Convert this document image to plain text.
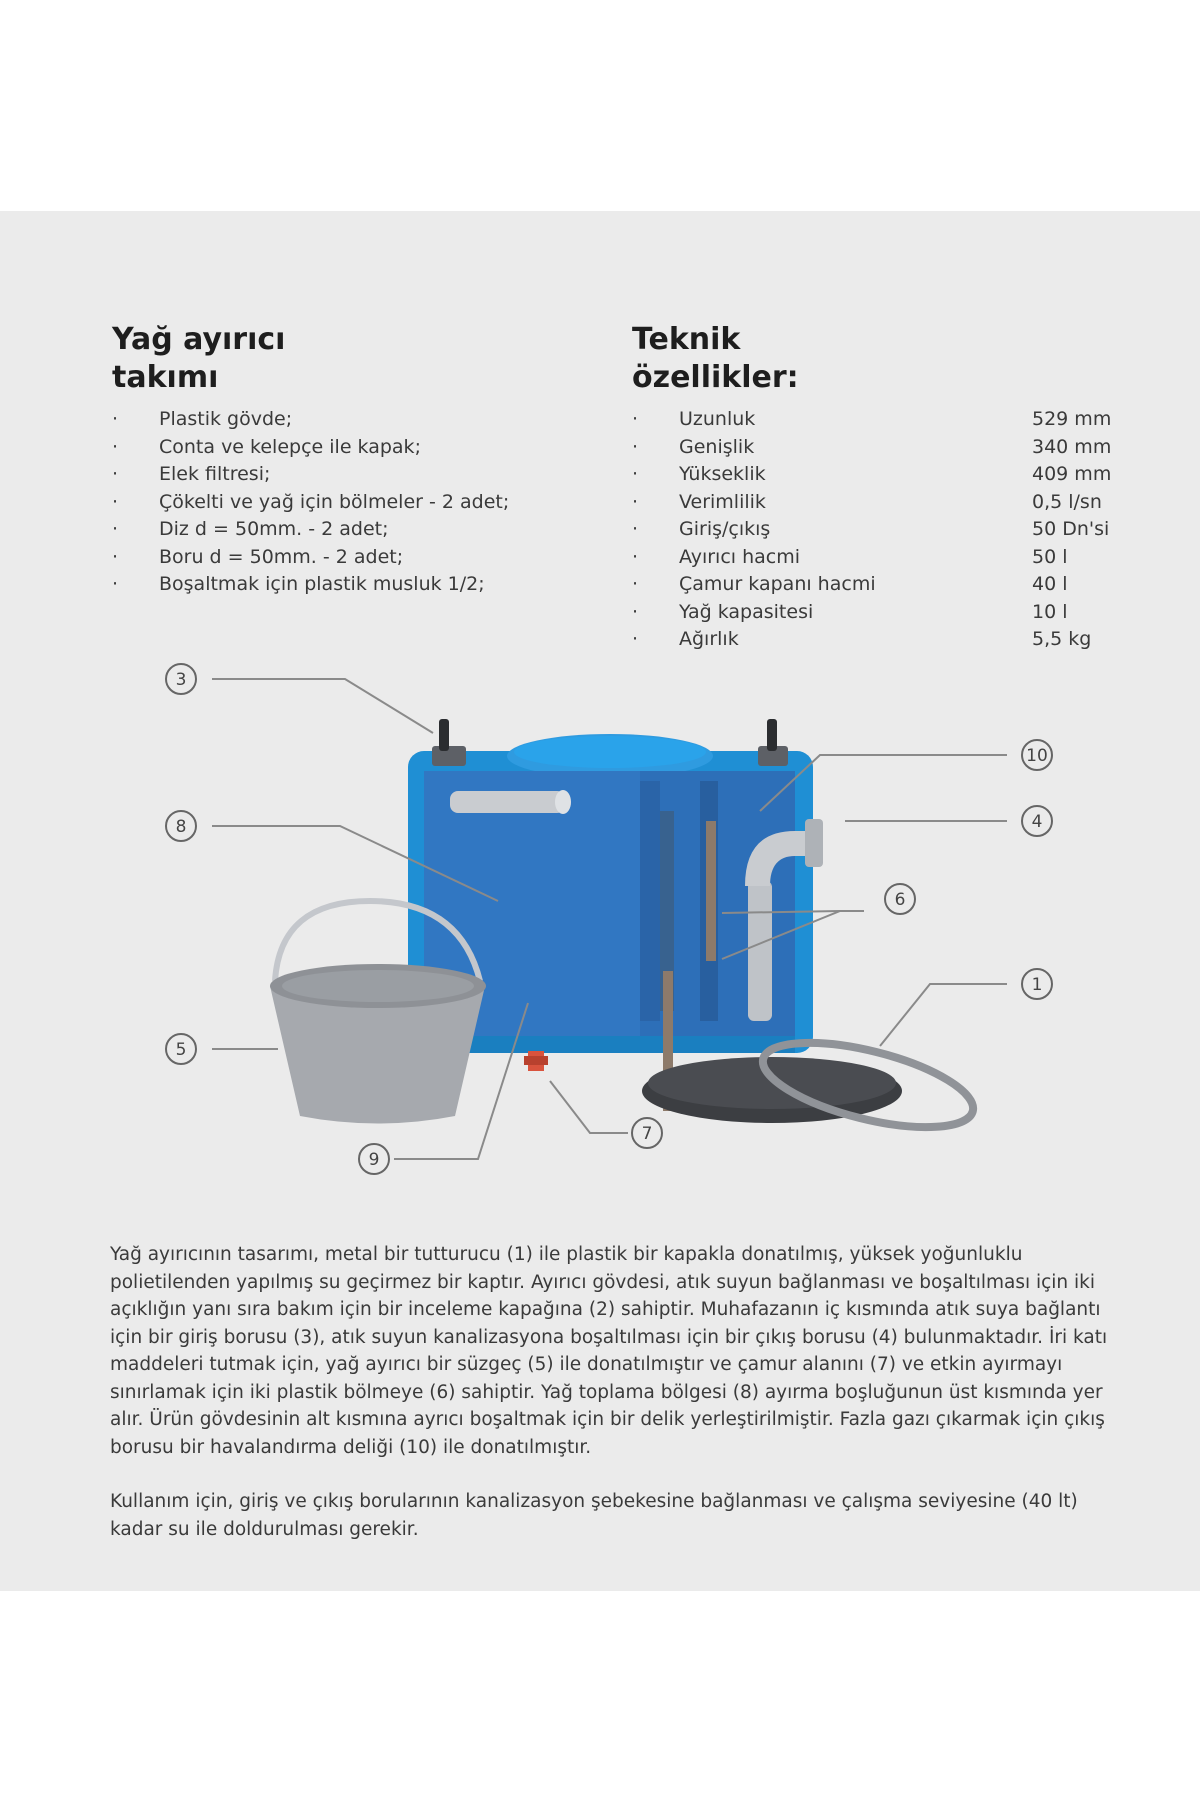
Yağ ayırıcı
takımı
Teknik
özellikler:
· Plastik gövde;
· Conta ve kelepçe ile kapak;
· Elek filtresi;
· Çökelti ve yağ için bölmeler - 2 adet;
· Diz d = 50mm. - 2 adet;
· Boru d = 50mm. - 2 adet;
· Boşaltmak için plastik musluk 1/2;
· Uzunluk	529 mm
· Genişlik	340 mm
· Yükseklik	409 mm
· Verimlilik	0,5 l/sn
· Giriş/çıkış	50 Dn'si
· Ayırıcı hacmi	50 l
· Çamur kapanı hacmi	40 l
· Yağ kapasitesi	10 l
· Ağırlık	5,5 kg
3
8
10
4
6
1
5
7
9

Yağ ayırıcının tasarımı, metal bir tutturucu (1) ile plastik bir kapakla donatılmış, yüksek yoğunluklu polietilenden yapılmış su geçirmez bir kaptır. Ayırıcı gövdesi, atık suyun bağlanması ve boşaltılması için iki açıklığın yanı sıra bakım için bir inceleme kapağına (2) sahiptir. Muhafazanın iç kısmında atık suya bağlantı için bir giriş borusu (3), atık suyun kanalizasyona boşaltılması için bir çıkış borusu (4) bulunmaktadır. İri katı maddeleri tutmak için, yağ ayırıcı bir süzgeç (5) ile donatılmıştır ve çamur alanını (7) ve etkin ayırmayı sınırlamak için iki plastik bölmeye (6) sahiptir. Yağ toplama bölgesi (8) ayırma boşluğunun üst kısmında yer alır. Ürün gövdesinin alt kısmına ayrıcı boşaltmak için bir delik yerleştirilmiştir. Fazla gazı çıkarmak için çıkış borusu bir havalandırma deliği (10) ile donatılmıştır.

Kullanım için, giriş ve çıkış borularının kanalizasyon şebekesine bağlanması ve çalışma seviyesine (40 lt) kadar su ile doldurulması gerekir.
